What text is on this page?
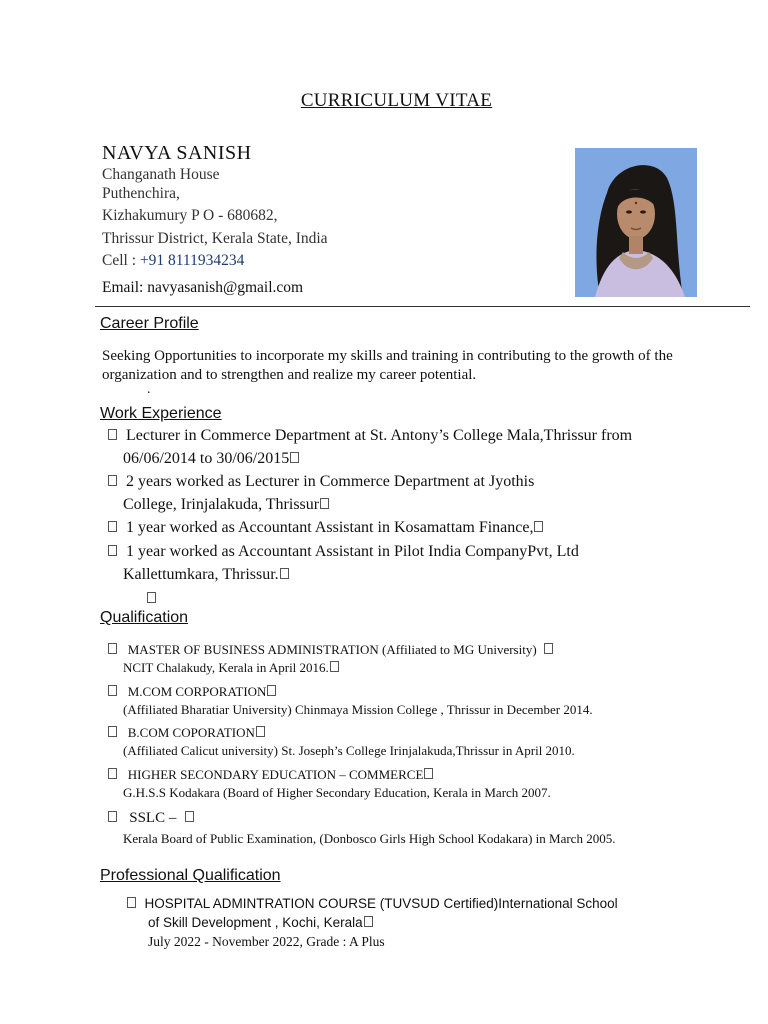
CURRICULUM VITAE
NAVYA SANISH
Changanath House
Puthenchira,
Kizhakumury P O - 680682,
Thrissur District, Kerala State, India
Cell : +91 8111934234
Email: navyasanish@gmail.com
Career Profile
Seeking Opportunities to incorporate my skills and training in contributing to the growth of the organization and to strengthen and realize my career potential.
.
Work Experience
Lecturer in Commerce Department at St. Antony’s College Mala,Thrissur from
06/06/2014 to 30/06/2015
2 years worked as Lecturer in Commerce Department at Jyothis
College, Irinjalakuda, Thrissur
1 year worked as Accountant Assistant in Kosamattam Finance,
1 year worked as Accountant Assistant in Pilot India CompanyPvt, Ltd
Kallettumkara, Thrissur.
Qualification
MASTER OF BUSINESS ADMINISTRATION (Affiliated to MG University)
NCIT Chalakudy, Kerala in April 2016.
M.COM CORPORATION
(Affiliated Bharatiar University) Chinmaya Mission College , Thrissur in December 2014.
B.COM COPORATION
(Affiliated Calicut university) St. Joseph’s College Irinjalakuda,Thrissur in April 2010.
HIGHER SECONDARY EDUCATION – COMMERCE
G.H.S.S Kodakara (Board of Higher Secondary Education, Kerala in March 2007.
SSLC –
Kerala Board of Public Examination, (Donbosco Girls High School Kodakara) in March 2005.
Professional Qualification
HOSPITAL ADMINTRATION COURSE (TUVSUD Certified)International School
of Skill Development , Kochi, Kerala
July 2022 - November 2022, Grade : A Plus
